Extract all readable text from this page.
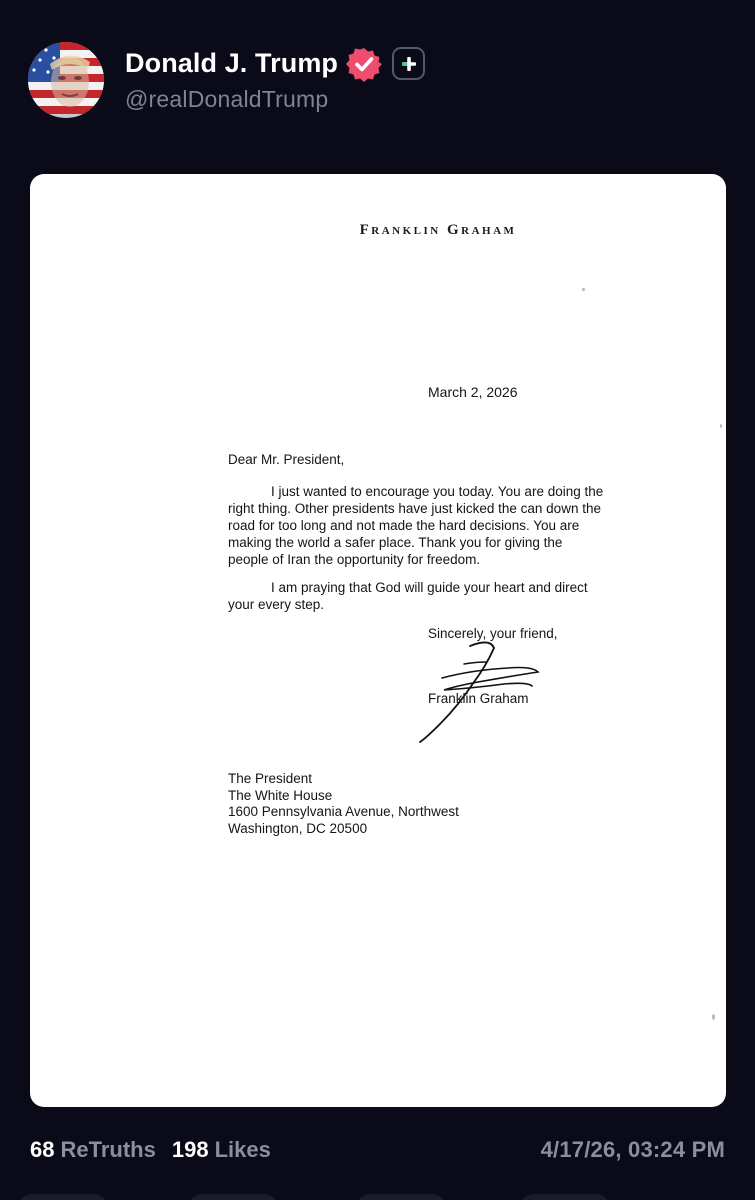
Donald J. Trump
@realDonaldTrump
Franklin Graham
March 2, 2026
Dear Mr. President,

I just wanted to encourage you today. You are doing the right thing. Other presidents have just kicked the can down the road for too long and not made the hard decisions. You are making the world a safer place. Thank you for giving the people of Iran the opportunity for freedom.

I am praying that God will guide your heart and direct your every step.

Sincerely, your friend,
Franklin Graham
The President
The White House
1600 Pennsylvania Avenue, Northwest
Washington, DC 20500
68 ReTruths 198 Likes	4/17/26, 03:24 PM
